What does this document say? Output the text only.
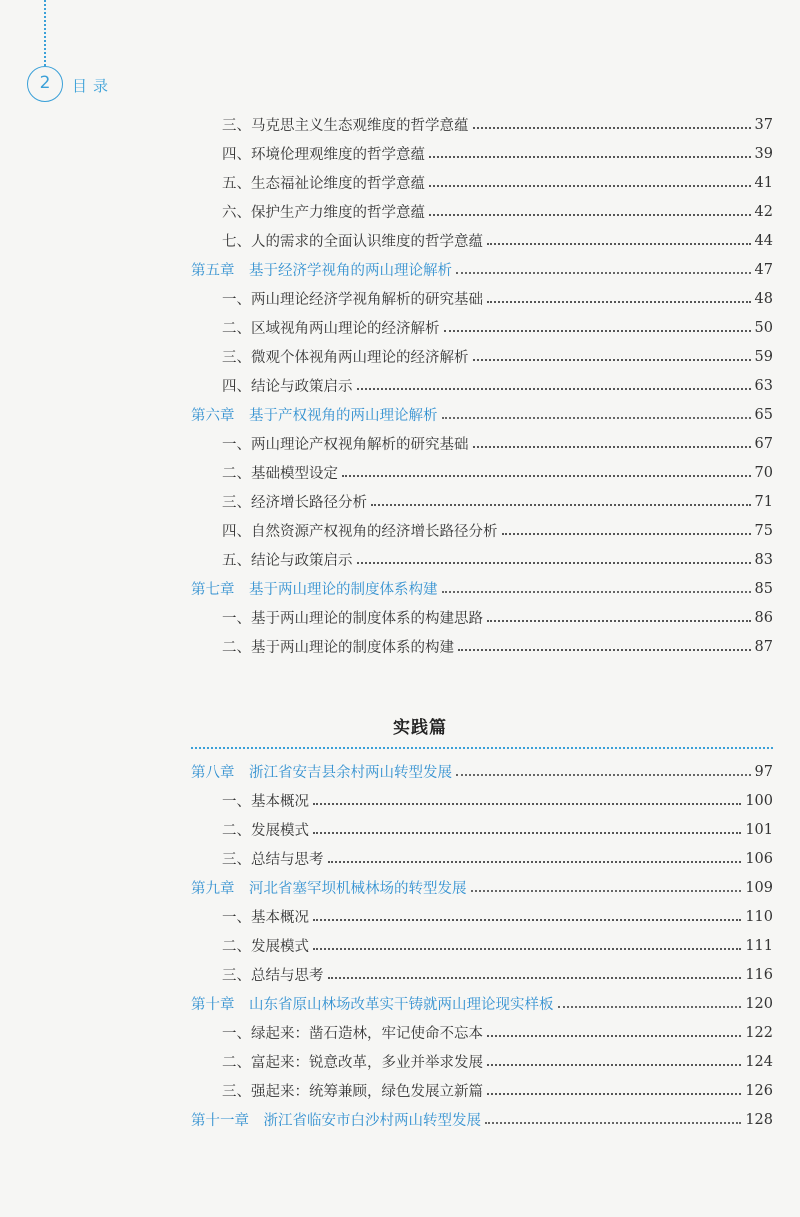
2	目录
三、马克思主义生态观维度的哲学意蕴	37
四、环境伦理观维度的哲学意蕴	39
五、生态福祉论维度的哲学意蕴	41
六、保护生产力维度的哲学意蕴	42
七、人的需求的全面认识维度的哲学意蕴	44
第五章　基于经济学视角的两山理论解析	47
一、两山理论经济学视角解析的研究基础	48
二、区域视角两山理论的经济解析	50
三、微观个体视角两山理论的经济解析	59
四、结论与政策启示	63
第六章　基于产权视角的两山理论解析	65
一、两山理论产权视角解析的研究基础	67
二、基础模型设定	70
三、经济增长路径分析	71
四、自然资源产权视角的经济增长路径分析	75
五、结论与政策启示	83
第七章　基于两山理论的制度体系构建	85
一、基于两山理论的制度体系的构建思路	86
二、基于两山理论的制度体系的构建	87
实践篇
第八章　浙江省安吉县余村两山转型发展	97
一、基本概况	100
二、发展模式	101
三、总结与思考	106
第九章　河北省塞罕坝机械林场的转型发展	109
一、基本概况	110
二、发展模式	111
三、总结与思考	116
第十章　山东省原山林场改革实干铸就两山理论现实样板	120
一、绿起来：凿石造林，牢记使命不忘本	122
二、富起来：锐意改革，多业并举求发展	124
三、强起来：统筹兼顾，绿色发展立新篇	126
第十一章　浙江省临安市白沙村两山转型发展	128
